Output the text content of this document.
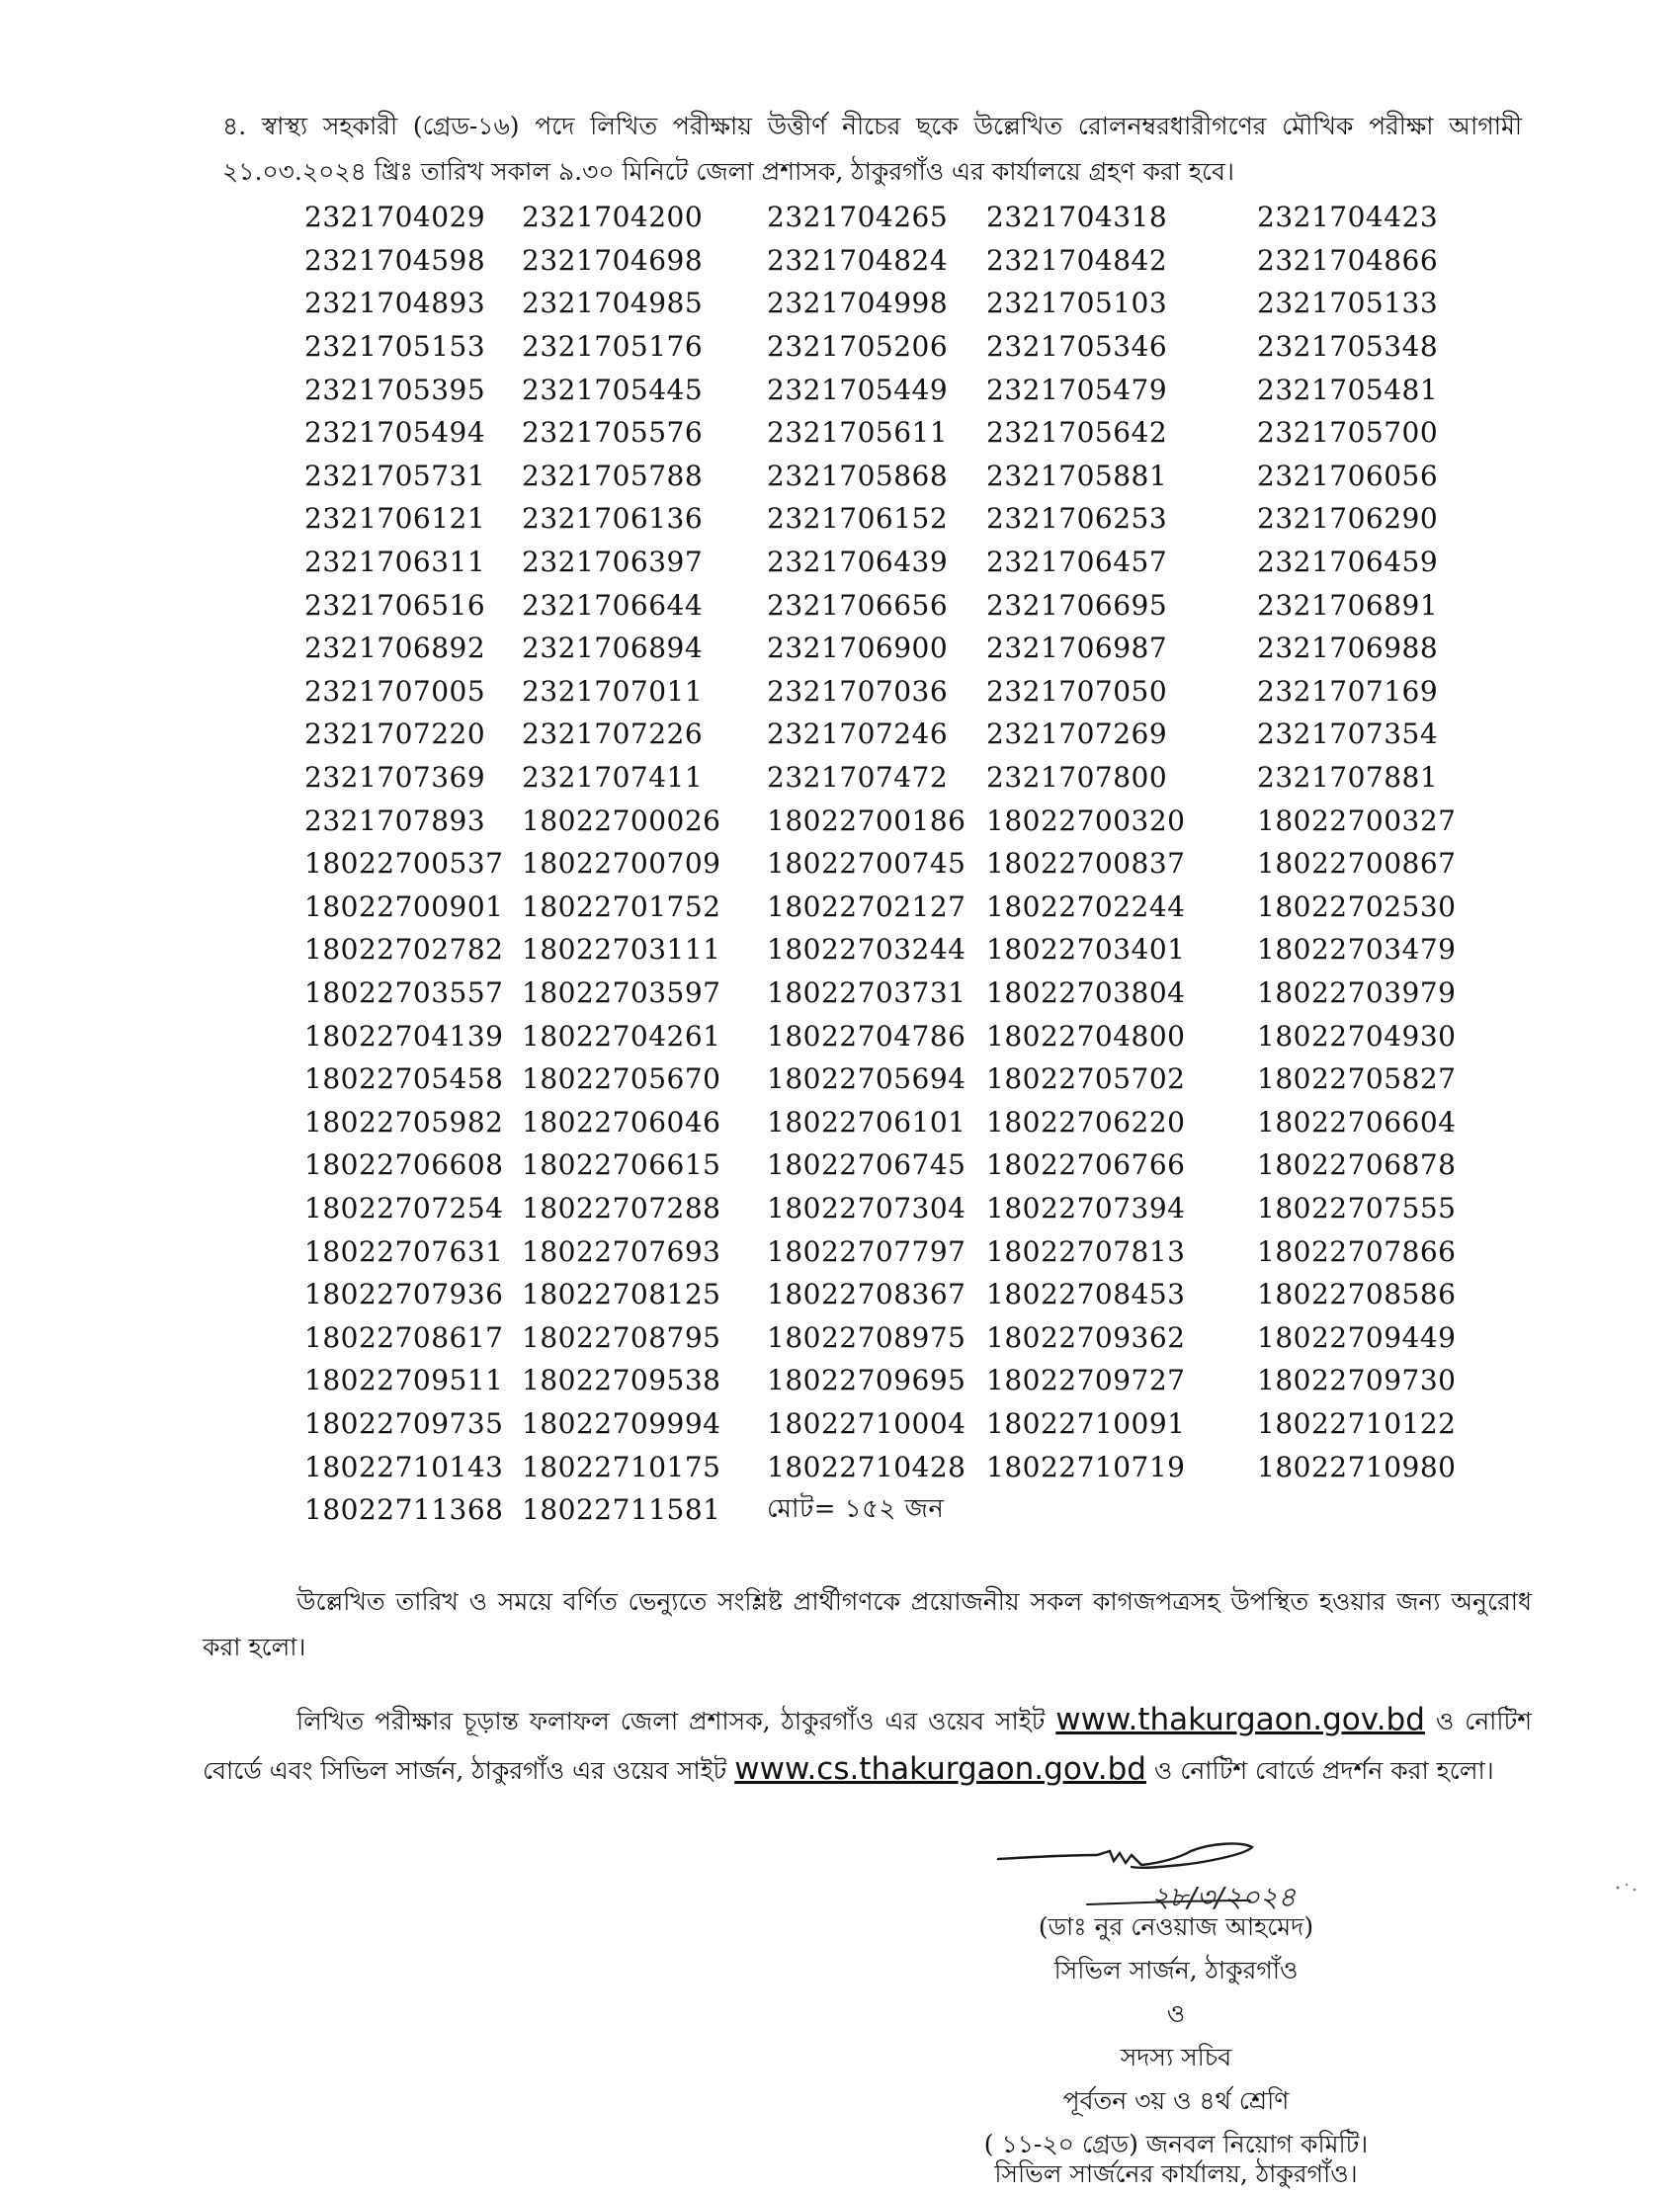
৪. স্বাস্থ্য সহকারী (গ্রেড-১৬) পদে লিখিত পরীক্ষায় উত্তীর্ণ নীচের ছকে উল্লেখিত রোলনম্বরধারীগণের মৌখিক পরীক্ষা আগামী ২১.০৩.২০২৪ খ্রিঃ তারিখ সকাল ৯.৩০ মিনিটে জেলা প্রশাসক, ঠাকুরগাঁও এর কার্যালয়ে গ্রহণ করা হবে।
2321704029	2321704200	2321704265	2321704318	2321704423
2321704598	2321704698	2321704824	2321704842	2321704866
2321704893	2321704985	2321704998	2321705103	2321705133
2321705153	2321705176	2321705206	2321705346	2321705348
2321705395	2321705445	2321705449	2321705479	2321705481
2321705494	2321705576	2321705611	2321705642	2321705700
2321705731	2321705788	2321705868	2321705881	2321706056
2321706121	2321706136	2321706152	2321706253	2321706290
2321706311	2321706397	2321706439	2321706457	2321706459
2321706516	2321706644	2321706656	2321706695	2321706891
2321706892	2321706894	2321706900	2321706987	2321706988
2321707005	2321707011	2321707036	2321707050	2321707169
2321707220	2321707226	2321707246	2321707269	2321707354
2321707369	2321707411	2321707472	2321707800	2321707881
2321707893	18022700026	18022700186 18022700320	18022700327
18022700537 18022700709	18022700745 18022700837	18022700867
18022700901 18022701752	18022702127 18022702244	18022702530
18022702782 18022703111	18022703244 18022703401	18022703479
18022703557 18022703597	18022703731 18022703804	18022703979
18022704139 18022704261	18022704786 18022704800	18022704930
18022705458 18022705670	18022705694 18022705702	18022705827
18022705982 18022706046	18022706101 18022706220	18022706604
18022706608 18022706615	18022706745 18022706766	18022706878
18022707254 18022707288	18022707304 18022707394	18022707555
18022707631 18022707693	18022707797 18022707813	18022707866
18022707936 18022708125	18022708367 18022708453	18022708586
18022708617 18022708795	18022708975 18022709362	18022709449
18022709511 18022709538	18022709695 18022709727	18022709730
18022709735 18022709994	18022710004 18022710091	18022710122
18022710143 18022710175	18022710428 18022710719	18022710980
18022711368 18022711581	মোট= ১৫২ জন
উল্লেখিত তারিখ ও সময়ে বর্ণিত ভেন্যুতে সংশ্লিষ্ট প্রার্থীগণকে প্রয়োজনীয় সকল কাগজপত্রসহ উপস্থিত হওয়ার জন্য অনুরোধ করা হলো।
লিখিত পরীক্ষার চূড়ান্ত ফলাফল জেলা প্রশাসক, ঠাকুরগাঁও এর ওয়েব সাইট www.thakurgaon.gov.bd ও নোটিশ বোর্ডে এবং সিভিল সার্জন, ঠাকুরগাঁও এর ওয়েব সাইট www.cs.thakurgaon.gov.bd ও নোটিশ বোর্ডে প্রদর্শন করা হলো।
২৮/৩/২০২৪
(ডাঃ নুর নেওয়াজ আহমেদ)
সিভিল সার্জন, ঠাকুরগাঁও
ও
সদস্য সচিব
পূর্বতন ৩য় ও ৪র্থ শ্রেণি
( ১১-২০ গ্রেড) জনবল নিয়োগ কমিটি।
সিভিল সার্জনের কার্যালয়, ঠাকুরগাঁও।
